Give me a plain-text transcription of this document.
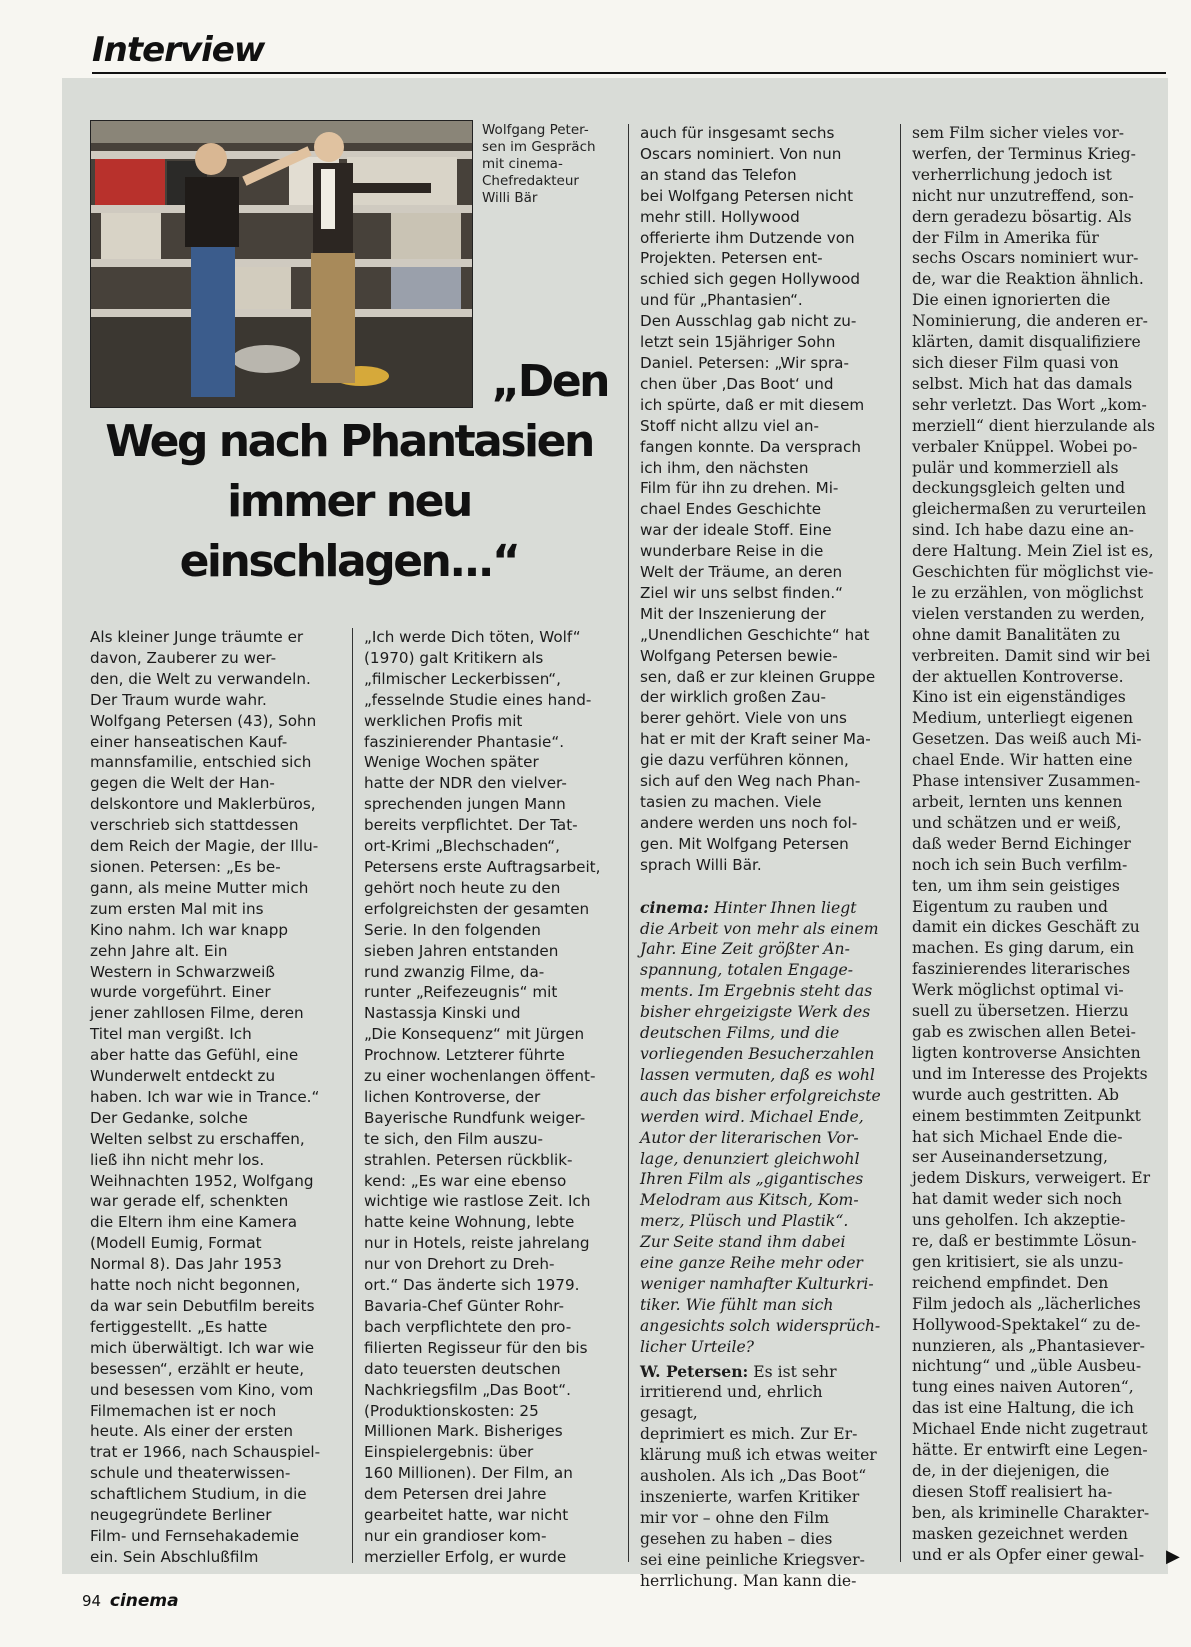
Interview

Wolfgang Peter-
sen im Gespräch
mit cinema-
Chefredakteur
Willi Bär

„Den

Weg nach Phantasien
immer neu
einschlagen...“

Als kleiner Junge träumte er
davon, Zauberer zu wer-
den, die Welt zu verwandeln.
Der Traum wurde wahr.
Wolfgang Petersen (43), Sohn
einer hanseatischen Kauf-
mannsfamilie, entschied sich
gegen die Welt der Han-
delskontore und Maklerbüros,
verschrieb sich stattdessen
dem Reich der Magie, der Illu-
sionen. Petersen: „Es be-
gann, als meine Mutter mich
zum ersten Mal mit ins
Kino nahm. Ich war knapp
zehn Jahre alt. Ein
Western in Schwarzweiß
wurde vorgeführt. Einer
jener zahllosen Filme, deren
Titel man vergißt. Ich
aber hatte das Gefühl, eine
Wunderwelt entdeckt zu
haben. Ich war wie in Trance.“
Der Gedanke, solche
Welten selbst zu erschaffen,
ließ ihn nicht mehr los.
Weihnachten 1952, Wolfgang
war gerade elf, schenkten
die Eltern ihm eine Kamera
(Modell Eumig, Format
Normal 8). Das Jahr 1953
hatte noch nicht begonnen,
da war sein Debutfilm bereits
fertiggestellt. „Es hatte
mich überwältigt. Ich war wie
besessen“, erzählt er heute,
und besessen vom Kino, vom
Filmemachen ist er noch
heute. Als einer der ersten
trat er 1966, nach Schauspiel-
schule und theaterwissen-
schaftlichem Studium, in die
neugegründete Berliner
Film- und Fernsehakademie
ein. Sein Abschlußfilm

„Ich werde Dich töten, Wolf“
(1970) galt Kritikern als
„filmischer Leckerbissen“,
„fesselnde Studie eines hand-
werklichen Profis mit
faszinierender Phantasie“.
Wenige Wochen später
hatte der NDR den vielver-
sprechenden jungen Mann
bereits verpflichtet. Der Tat-
ort-Krimi „Blechschaden“,
Petersens erste Auftragsarbeit,
gehört noch heute zu den
erfolgreichsten der gesamten
Serie. In den folgenden
sieben Jahren entstanden
rund zwanzig Filme, da-
runter „Reifezeugnis“ mit
Nastassja Kinski und
„Die Konsequenz“ mit Jürgen
Prochnow. Letzterer führte
zu einer wochenlangen öffent-
lichen Kontroverse, der
Bayerische Rundfunk weiger-
te sich, den Film auszu-
strahlen. Petersen rückblik-
kend: „Es war eine ebenso
wichtige wie rastlose Zeit. Ich
hatte keine Wohnung, lebte
nur in Hotels, reiste jahrelang
nur von Drehort zu Dreh-
ort.“ Das änderte sich 1979.
Bavaria-Chef Günter Rohr-
bach verpflichtete den pro-
filierten Regisseur für den bis
dato teuersten deutschen
Nachkriegsfilm „Das Boot“.
(Produktionskosten: 25
Millionen Mark. Bisheriges
Einspielergebnis: über
160 Millionen). Der Film, an
dem Petersen drei Jahre
gearbeitet hatte, war nicht
nur ein grandioser kom-
merzieller Erfolg, er wurde

auch für insgesamt sechs
Oscars nominiert. Von nun
an stand das Telefon
bei Wolfgang Petersen nicht
mehr still. Hollywood
offerierte ihm Dutzende von
Projekten. Petersen ent-
schied sich gegen Hollywood
und für „Phantasien“.
Den Ausschlag gab nicht zu-
letzt sein 15jähriger Sohn
Daniel. Petersen: „Wir spra-
chen über ‚Das Boot‘ und
ich spürte, daß er mit diesem
Stoff nicht allzu viel an-
fangen konnte. Da versprach
ich ihm, den nächsten
Film für ihn zu drehen. Mi-
chael Endes Geschichte
war der ideale Stoff. Eine
wunderbare Reise in die
Welt der Träume, an deren
Ziel wir uns selbst finden.“
Mit der Inszenierung der
„Unendlichen Geschichte“ hat
Wolfgang Petersen bewie-
sen, daß er zur kleinen Gruppe
der wirklich großen Zau-
berer gehört. Viele von uns
hat er mit der Kraft seiner Ma-
gie dazu verführen können,
sich auf den Weg nach Phan-
tasien zu machen. Viele
andere werden uns noch fol-
gen. Mit Wolfgang Petersen
sprach Willi Bär.

cinema: Hinter Ihnen liegt
die Arbeit von mehr als einem
Jahr. Eine Zeit größter An-
spannung, totalen Engage-
ments. Im Ergebnis steht das
bisher ehrgeizigste Werk des
deutschen Films, und die
vorliegenden Besucherzahlen
lassen vermuten, daß es wohl
auch das bisher erfolgreichste
werden wird. Michael Ende,
Autor der literarischen Vor-
lage, denunziert gleichwohl
Ihren Film als „gigantisches
Melodram aus Kitsch, Kom-
merz, Plüsch und Plastik“.
Zur Seite stand ihm dabei
eine ganze Reihe mehr oder
weniger namhafter Kulturkri-
tiker. Wie fühlt man sich
angesichts solch widersprüch-
licher Urteile?

W. Petersen: Es ist sehr
irritierend und, ehrlich gesagt,
deprimiert es mich. Zur Er-
klärung muß ich etwas weiter
ausholen. Als ich „Das Boot“
inszenierte, warfen Kritiker
mir vor – ohne den Film
gesehen zu haben – dies
sei eine peinliche Kriegsver-
herrlichung. Man kann die-

sem Film sicher vieles vor-
werfen, der Terminus Krieg-
verherrlichung jedoch ist
nicht nur unzutreffend, son-
dern geradezu bösartig. Als
der Film in Amerika für
sechs Oscars nominiert wur-
de, war die Reaktion ähnlich.
Die einen ignorierten die
Nominierung, die anderen er-
klärten, damit disqualifiziere
sich dieser Film quasi von
selbst. Mich hat das damals
sehr verletzt. Das Wort „kom-
merziell“ dient hierzulande als
verbaler Knüppel. Wobei po-
pulär und kommerziell als
deckungsgleich gelten und
gleichermaßen zu verurteilen
sind. Ich habe dazu eine an-
dere Haltung. Mein Ziel ist es,
Geschichten für möglichst vie-
le zu erzählen, von möglichst
vielen verstanden zu werden,
ohne damit Banalitäten zu
verbreiten. Damit sind wir bei
der aktuellen Kontroverse.
Kino ist ein eigenständiges
Medium, unterliegt eigenen
Gesetzen. Das weiß auch Mi-
chael Ende. Wir hatten eine
Phase intensiver Zusammen-
arbeit, lernten uns kennen
und schätzen und er weiß,
daß weder Bernd Eichinger
noch ich sein Buch verfilm-
ten, um ihm sein geistiges
Eigentum zu rauben und
damit ein dickes Geschäft zu
machen. Es ging darum, ein
faszinierendes literarisches
Werk möglichst optimal vi-
suell zu übersetzen. Hierzu
gab es zwischen allen Betei-
ligten kontroverse Ansichten
und im Interesse des Projekts
wurde auch gestritten. Ab
einem bestimmten Zeitpunkt
hat sich Michael Ende die-
ser Auseinandersetzung,
jedem Diskurs, verweigert. Er
hat damit weder sich noch
uns geholfen. Ich akzeptie-
re, daß er bestimmte Lösun-
gen kritisiert, sie als unzu-
reichend empfindet. Den
Film jedoch als „lächerliches
Hollywood-Spektakel“ zu de-
nunzieren, als „Phantasiever-
nichtung“ und „üble Ausbeu-
tung eines naiven Autoren“,
das ist eine Haltung, die ich
Michael Ende nicht zugetraut
hätte. Er entwirft eine Legen-
de, in der diejenigen, die
diesen Stoff realisiert ha-
ben, als kriminelle Charakter-
masken gezeichnet werden
und er als Opfer einer gewal-	▶
94 cinema
